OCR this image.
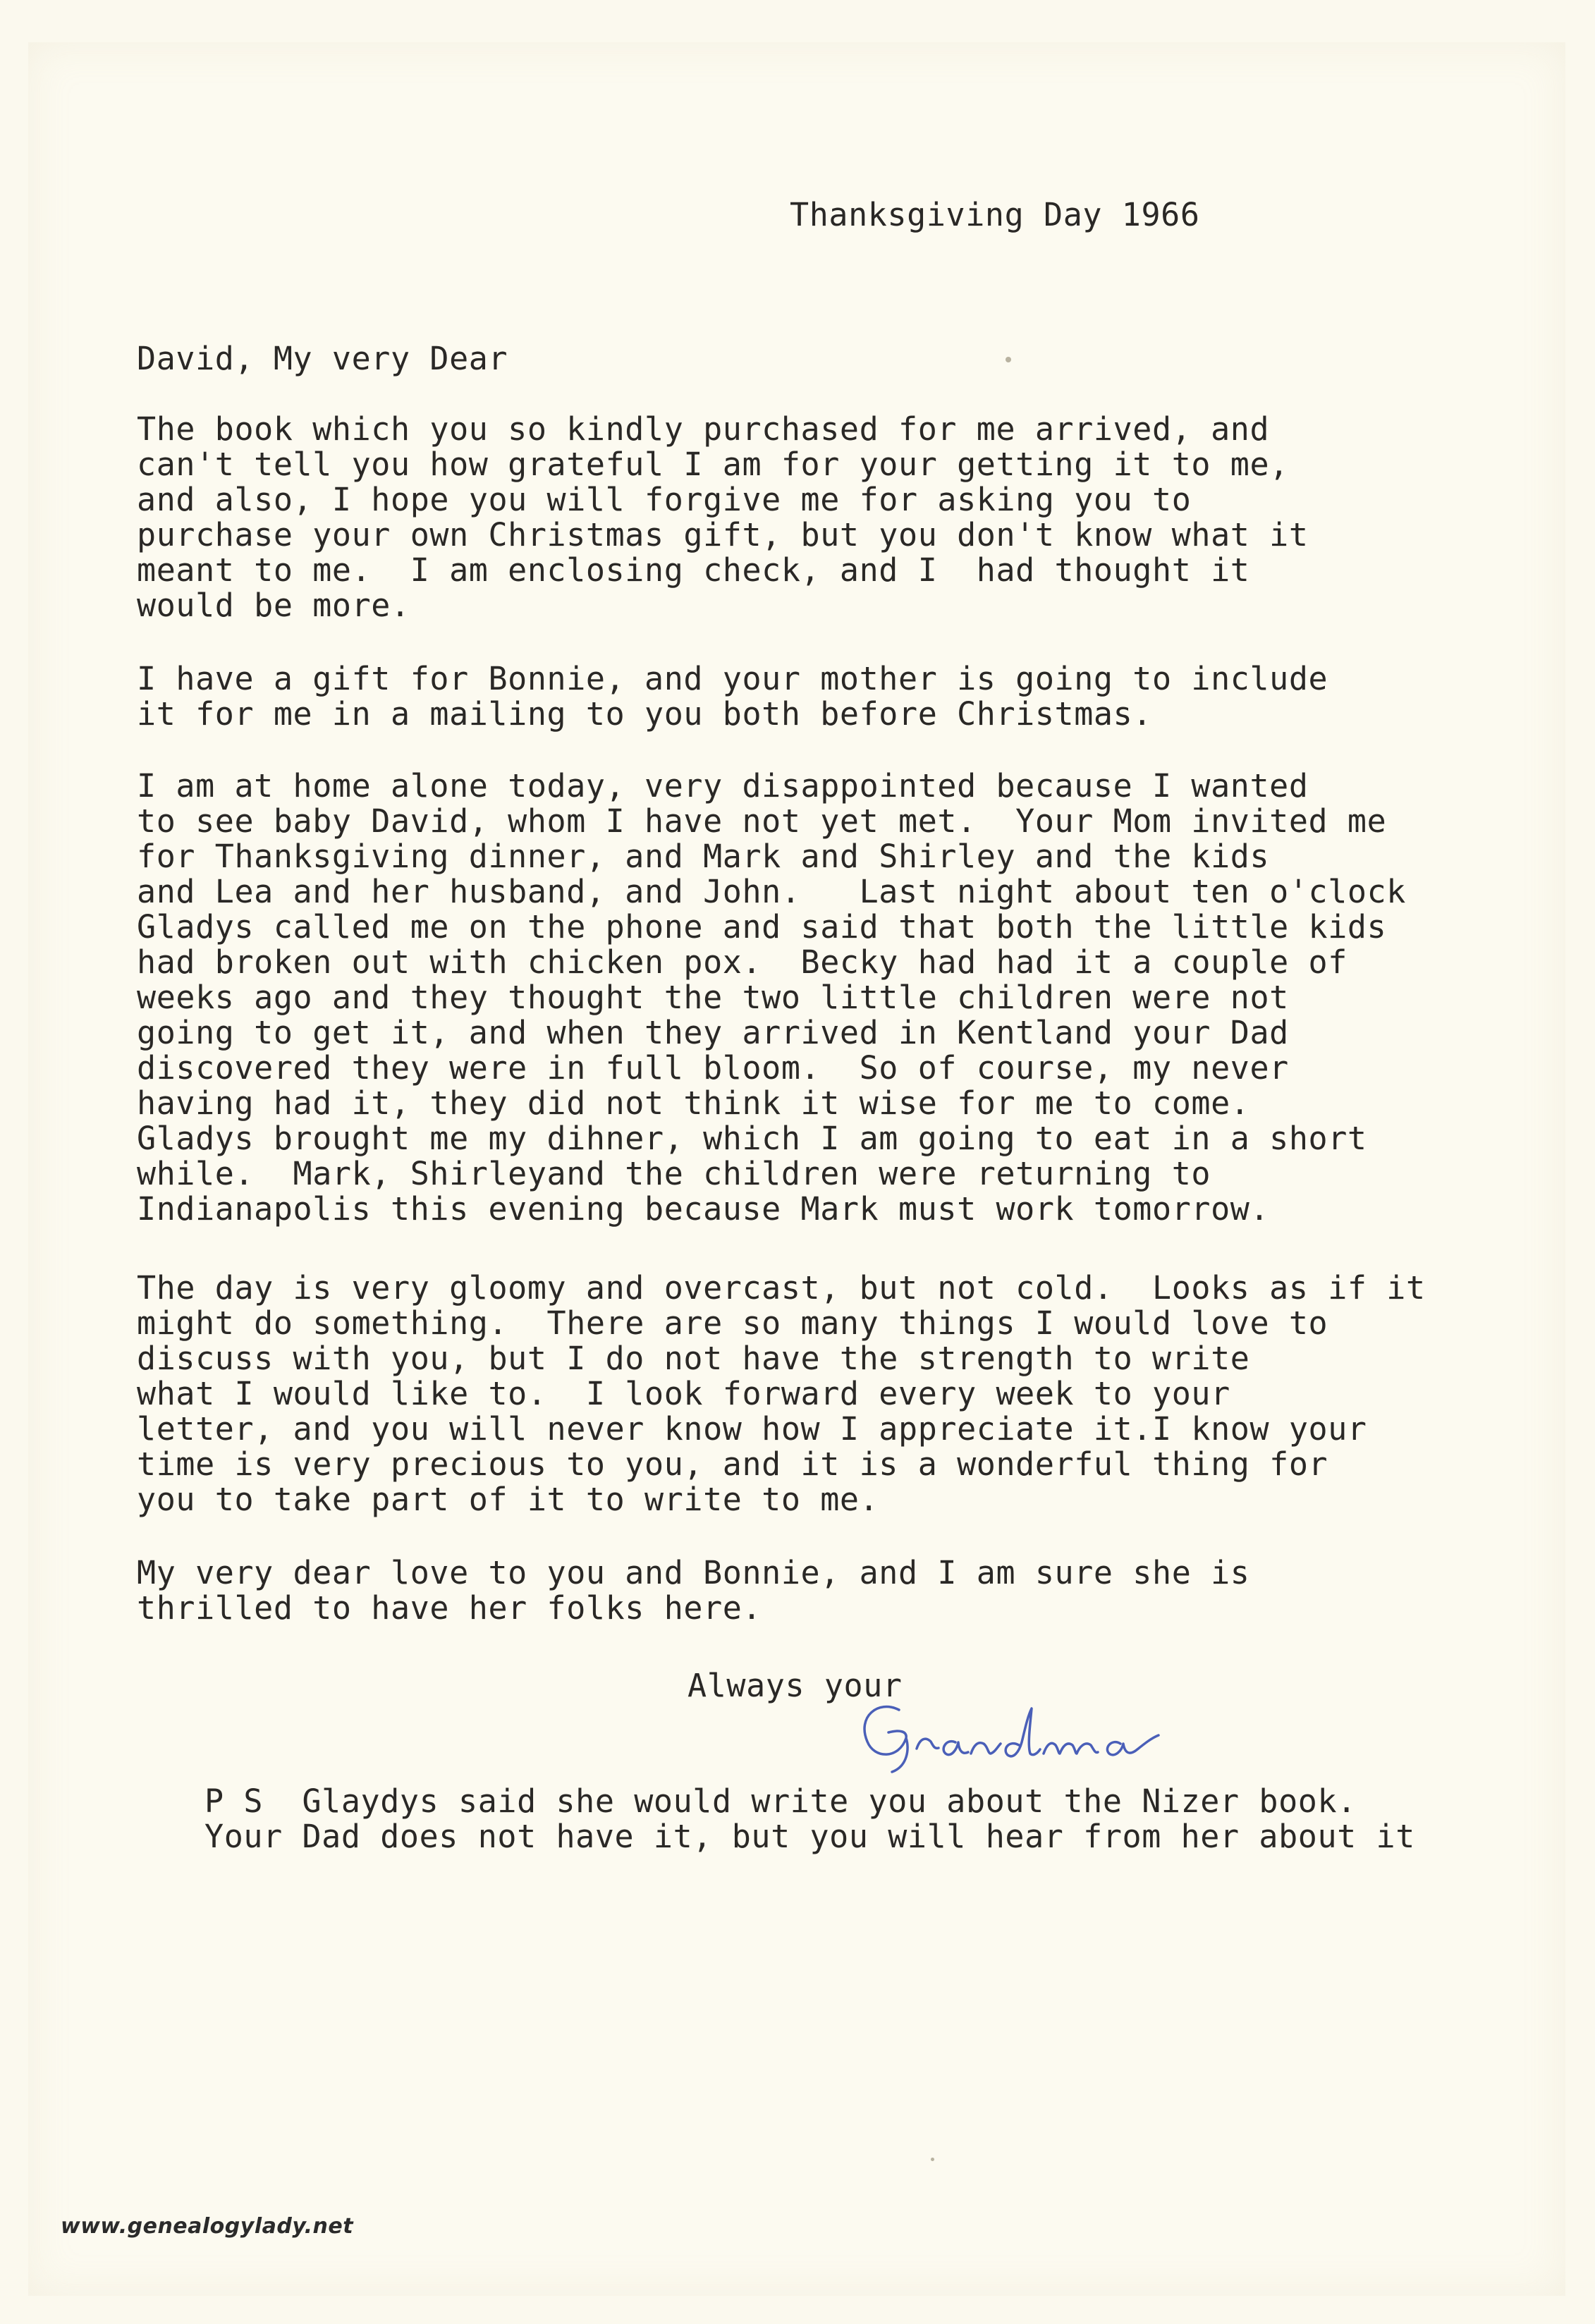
Thanksgiving Day 1966
David, My very Dear
The book which you so kindly purchased for me arrived, and
can't tell you how grateful I am for your getting it to me,
and also, I hope you will forgive me for asking you to
purchase your own Christmas gift, but you don't know what it
meant to me.  I am enclosing check, and I  had thought it
would be more.
I have a gift for Bonnie, and your mother is going to include
it for me in a mailing to you both before Christmas.
I am at home alone today, very disappointed because I wanted
to see baby David, whom I have not yet met.  Your Mom invited me
for Thanksgiving dinner, and Mark and Shirley and the kids
and Lea and her husband, and John.   Last night about ten o'clock
Gladys called me on the phone and said that both the little kids
had broken out with chicken pox.  Becky had had it a couple of
weeks ago and they thought the two little children were not
going to get it, and when they arrived in Kentland your Dad
discovered they were in full bloom.  So of course, my never
having had it, they did not think it wise for me to come.
Gladys brought me my dihner, which I am going to eat in a short
while.  Mark, Shirleyand the children were returning to
Indianapolis this evening because Mark must work tomorrow.
The day is very gloomy and overcast, but not cold.  Looks as if it
might do something.  There are so many things I would love to
discuss with you, but I do not have the strength to write
what I would like to.  I look forward every week to your
letter, and you will never know how I appreciate it.I know your
time is very precious to you, and it is a wonderful thing for
you to take part of it to write to me.
My very dear love to you and Bonnie, and I am sure she is
thrilled to have her folks here.
Always your
P S  Glaydys said she would write you about the Nizer book.
Your Dad does not have it, but you will hear from her about it
www.genealogylady.net
